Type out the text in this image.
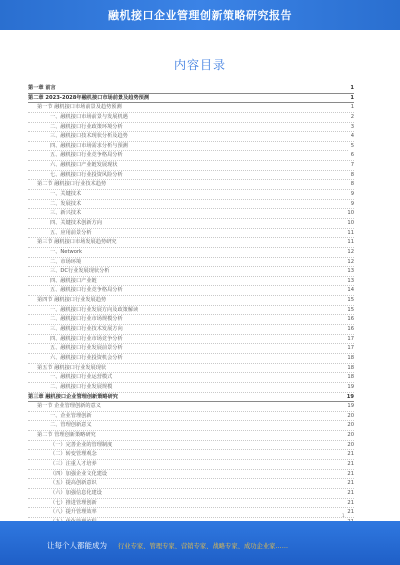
融机接口企业管理创新策略研究报告
内容目录
第一章 前言	1
第二章 2023-2028年融机接口市场前景及趋势预测	1
第一节 融机接口市场前景及趋势预测	1
一、融机接口市场前景与发展机遇	2
二、融机接口行业政策环境分析	3
三、融机接口技术现状分析及趋势	4
四、融机接口市场需求分析与预测	5
五、融机接口行业竞争格局分析	6
六、融机接口产业链发展现状	7
七、融机接口行业投资风险分析	8
第二节 融机接口行业技术趋势	8
一、关键技术	9
二、发展技术	9
三、新兴技术	10
四、关键技术创新方向	10
五、应用前景分析	11
第三节 融机接口市场发展趋势研究	11
一、Network	12
二、市场环境	12
三、DC行业发展现状分析	13
四、融机接口产业链	13
五、融机接口行业竞争格局分析	14
第四节 融机接口行业发展趋势	15
一、融机接口行业发展方向及政策解读	15
二、融机接口行业市场规模分析	16
三、融机接口行业技术发展方向	16
四、融机接口行业市场竞争分析	17
五、融机接口行业发展前景分析	17
六、融机接口行业投资机会分析	18
第五节 融机接口行业发展现状	18
一、融机接口行业运营模式	18
二、融机接口行业发展规模	19
第三章 融机接口企业管理创新策略研究	19
第一节 企业管理创新的意义	19
一、企业管理创新	20
二、管理创新意义	20
第二节 管理创新策略研究	20
（一）完善企业的管理制度	20
（二）转变管理观念	21
（三）注重人才培养	21
（四）加强企业文化建设	21
（五）提高创新意识	21
（六）加强信息化建设	21
（七）推进管理创新	21
（八）提升管理效率	21
1
让每个人都能成为 行业专家、管理专家、营销专家、战略专家、成功企业家……
